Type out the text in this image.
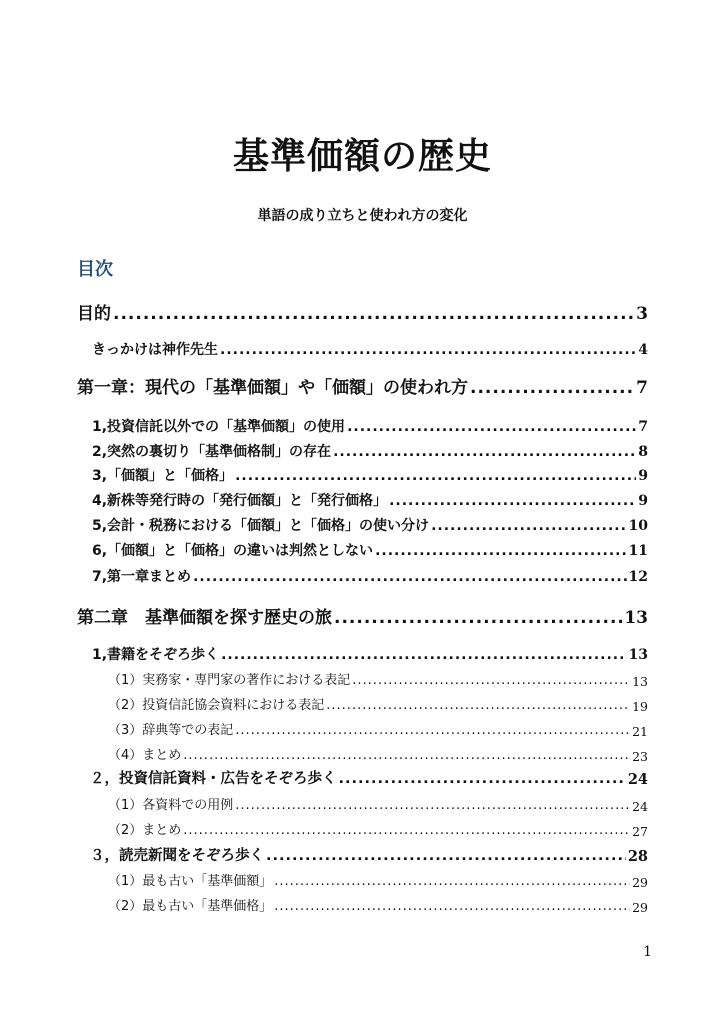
基準価額の歴史
単語の成り立ちと使われ方の変化
目次
目的 .....	3
きっかけは神作先生 .....	4
第一章：現代の「基準価額」や「価額」の使われ方 .....	7
1,投資信託以外での「基準価額」の使用 .....	7
2,突然の裏切り「基準価格制」の存在 .....	8
3,「価額」と「価格」 .....	9
4,新株等発行時の「発行価額」と「発行価格」 .....	9
5,会計・税務における「価額」と「価格」の使い分け .....	10
6,「価額」と「価格」の違いは判然としない .....	11
7,第一章まとめ .....	12
第二章　基準価額を探す歴史の旅 .....	13
1,書籍をそぞろ歩く .....	13
（1）実務家・専門家の著作における表記 .....	13
（2）投資信託協会資料における表記 .....	19
（3）辞典等での表記 .....	21
（4）まとめ .....	23
２，投資信託資料・広告をそぞろ歩く .....	24
（1）各資料での用例 .....	24
（2）まとめ .....	27
３，読売新聞をそぞろ歩く .....	28
（1）最も古い「基準価額」 .....	29
（2）最も古い「基準価格」 .....	29
1
